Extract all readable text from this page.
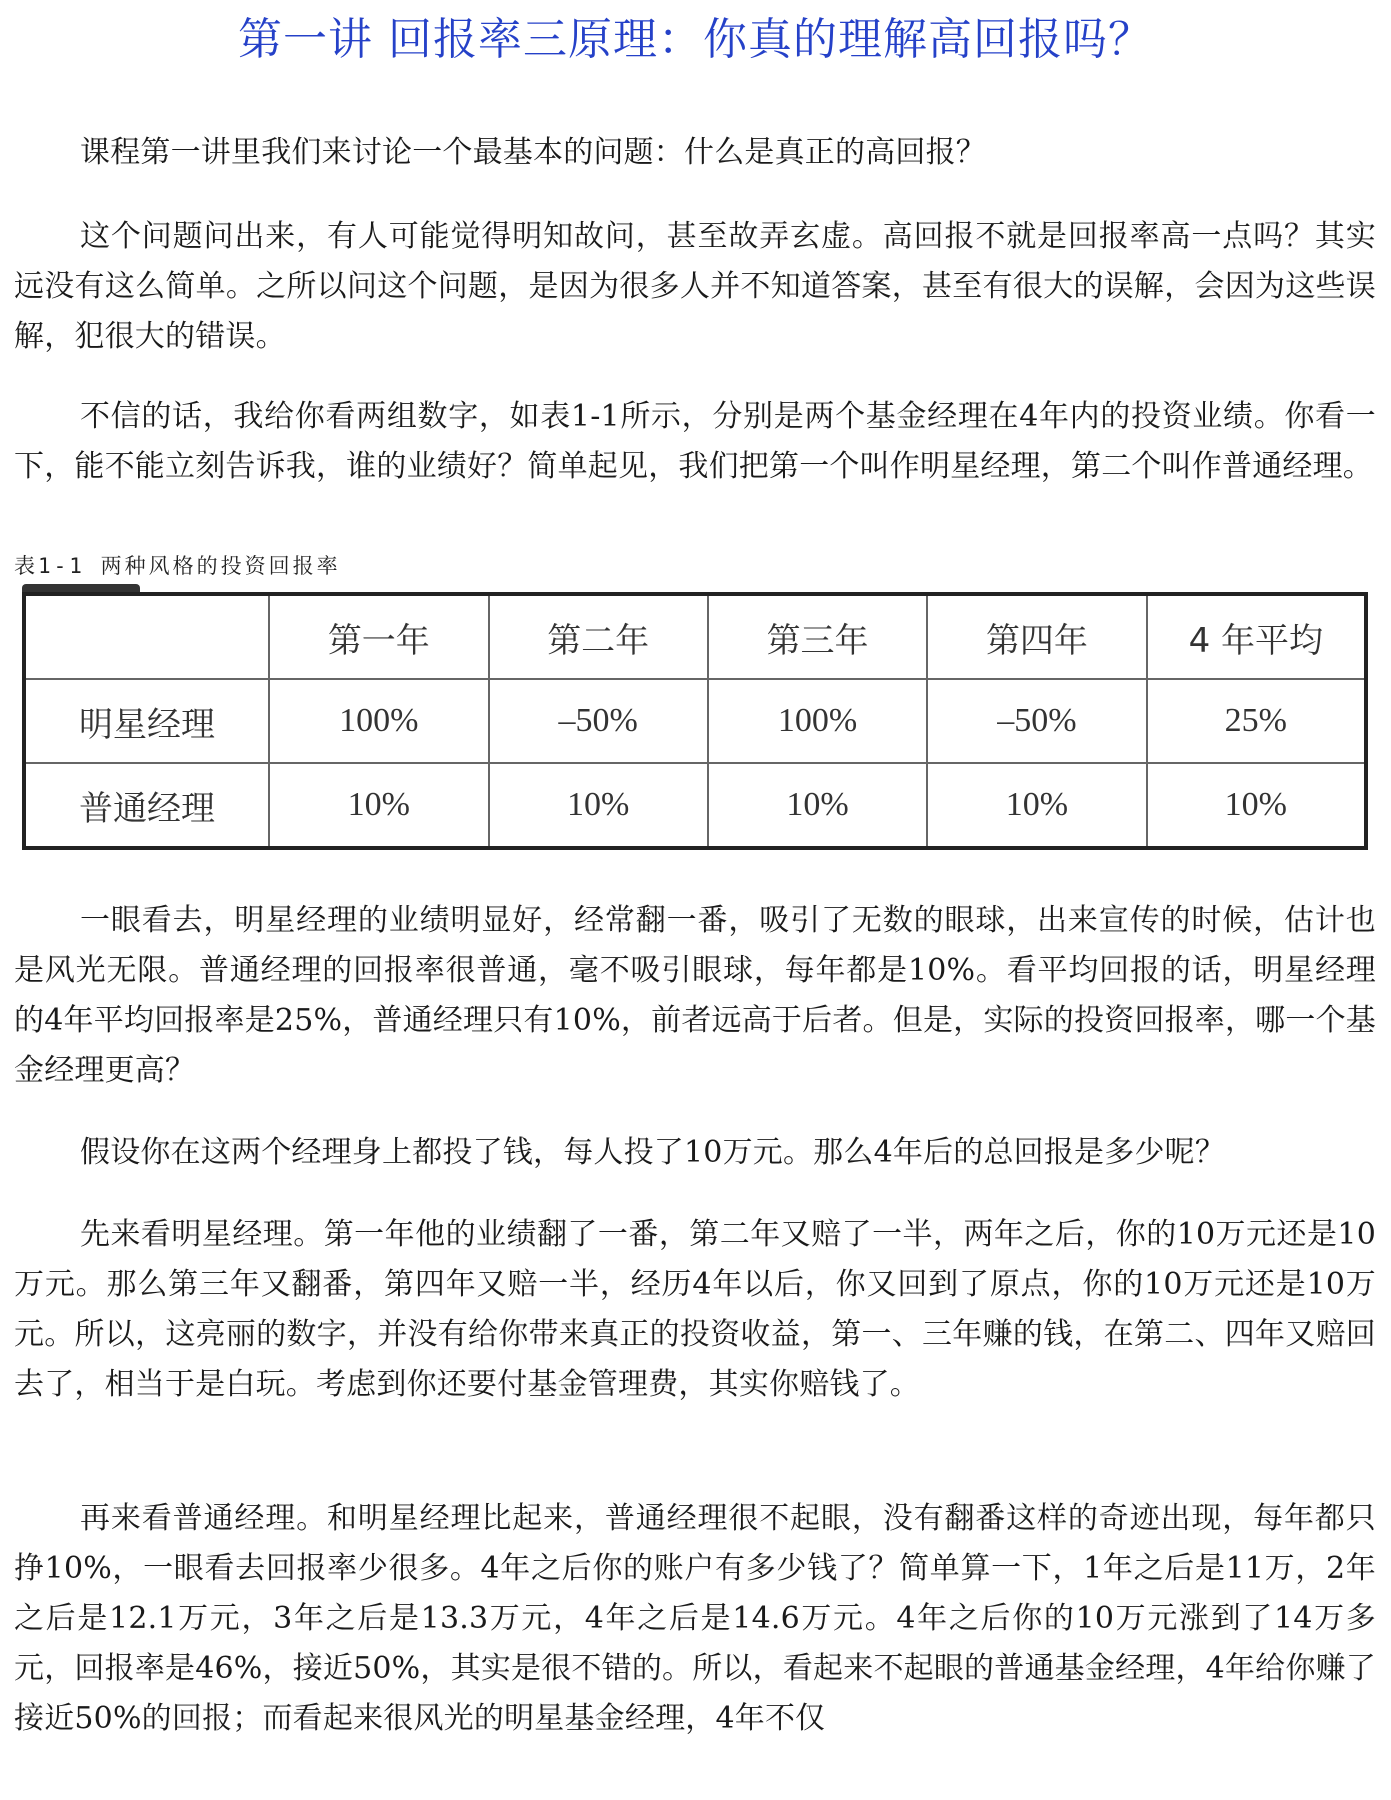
第一讲 回报率三原理：你真的理解高回报吗？

课程第一讲里我们来讨论一个最基本的问题：什么是真正的高回报？

这个问题问出来，有人可能觉得明知故问，甚至故弄玄虚。高回报不就是回报率高一点吗？其实远没有这么简单。之所以问这个问题，是因为很多人并不知道答案，甚至有很大的误解，会因为这些误解，犯很大的错误。

不信的话，我给你看两组数字，如表1-1所示，分别是两个基金经理在4年内的投资业绩。你看一下，能不能立刻告诉我，谁的业绩好？简单起见，我们把第一个叫作明星经理，第二个叫作普通经理。

表1-1 两种风格的投资回报率
	第一年	第二年	第三年	第四年	4 年平均
明星经理	100%	–50%	100%	–50%	25%
普通经理	10%	10%	10%	10%	10%

一眼看去，明星经理的业绩明显好，经常翻一番，吸引了无数的眼球，出来宣传的时候，估计也是风光无限。普通经理的回报率很普通，毫不吸引眼球，每年都是10%。看平均回报的话，明星经理的4年平均回报率是25%，普通经理只有10%，前者远高于后者。但是，实际的投资回报率，哪一个基金经理更高？

假设你在这两个经理身上都投了钱，每人投了10万元。那么4年后的总回报是多少呢？

先来看明星经理。第一年他的业绩翻了一番，第二年又赔了一半，两年之后，你的10万元还是10万元。那么第三年又翻番，第四年又赔一半，经历4年以后，你又回到了原点，你的10万元还是10万元。所以，这亮丽的数字，并没有给你带来真正的投资收益，第一、三年赚的钱，在第二、四年又赔回去了，相当于是白玩。考虑到你还要付基金管理费，其实你赔钱了。

再来看普通经理。和明星经理比起来，普通经理很不起眼，没有翻番这样的奇迹出现，每年都只挣10%，一眼看去回报率少很多。4年之后你的账户有多少钱了？简单算一下，1年之后是11万，2年之后是12.1万元，3年之后是13.3万元，4年之后是14.6万元。4年之后你的10万元涨到了14万多元，回报率是46%，接近50%，其实是很不错的。所以，看起来不起眼的普通基金经理，4年给你赚了接近50%的回报；而看起来很风光的明星基金经理，4年不仅
